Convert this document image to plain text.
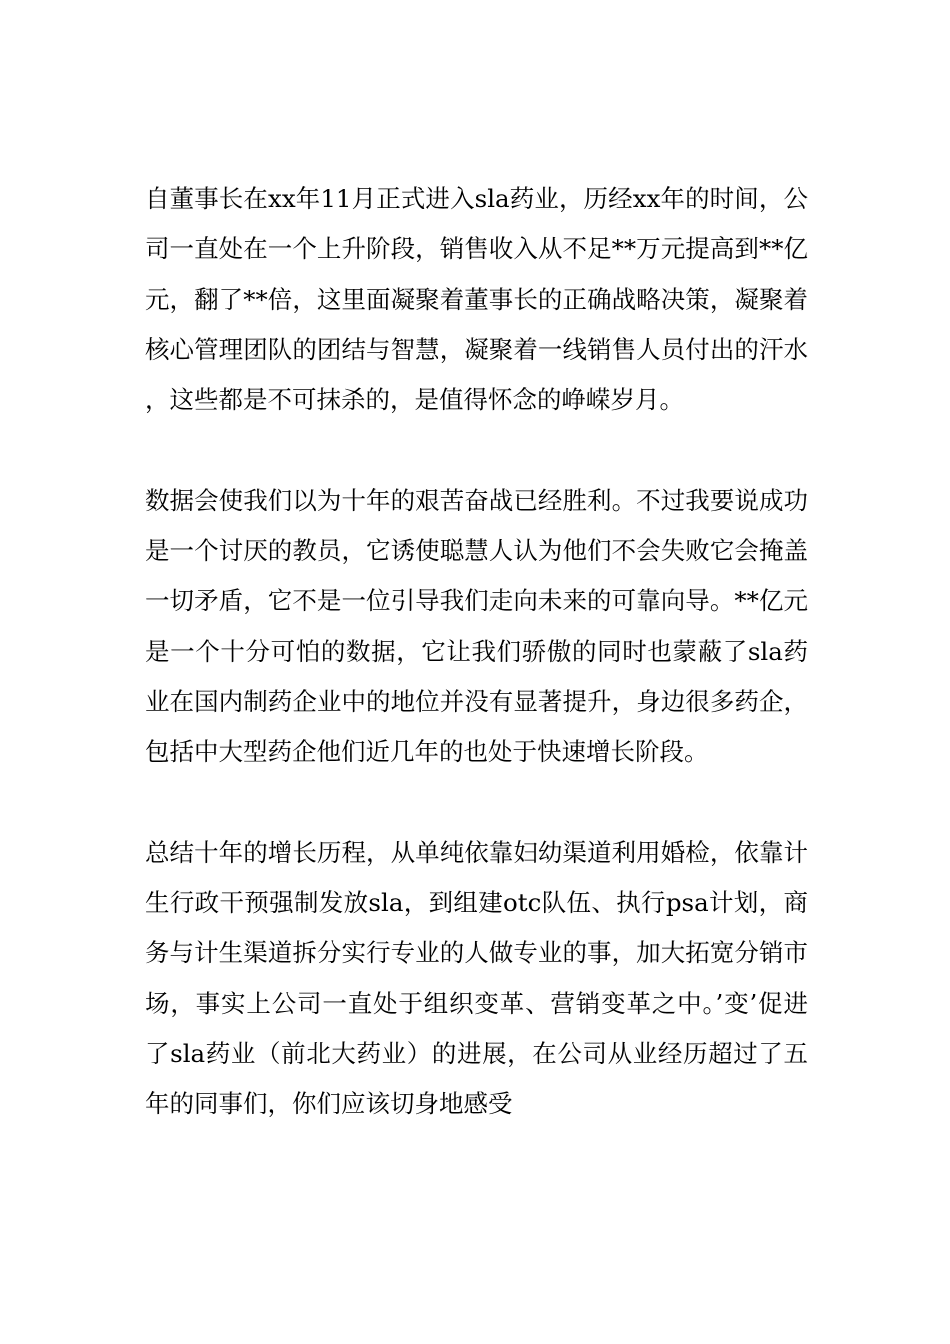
自董事长在xx年11月正式进入sla药业，历经xx年的时间，公司一直处在一个上升阶段，销售收入从不足**万元提高到**亿元，翻了**倍，这里面凝聚着董事长的正确战略决策，凝聚着核心管理团队的团结与智慧，凝聚着一线销售人员付出的汗水，这些都是不可抹杀的，是值得怀念的峥嵘岁月。

数据会使我们以为十年的艰苦奋战已经胜利。不过我要说成功是一个讨厌的教员，它诱使聪慧人认为他们不会失败它会掩盖一切矛盾，它不是一位引导我们走向未来的可靠向导。**亿元是一个十分可怕的数据，它让我们骄傲的同时也蒙蔽了sla药业在国内制药企业中的地位并没有显著提升，身边很多药企，包括中大型药企他们近几年的也处于快速增长阶段。

总结十年的增长历程，从单纯依靠妇幼渠道利用婚检，依靠计生行政干预强制发放sla，到组建otc队伍、执行psa计划，商务与计生渠道拆分实行专业的人做专业的事，加大拓宽分销市场，事实上公司一直处于组织变革、营销变革之中。’变’促进了sla药业（前北大药业）的进展，在公司从业经历超过了五年的同事们，你们应该切身地感受
